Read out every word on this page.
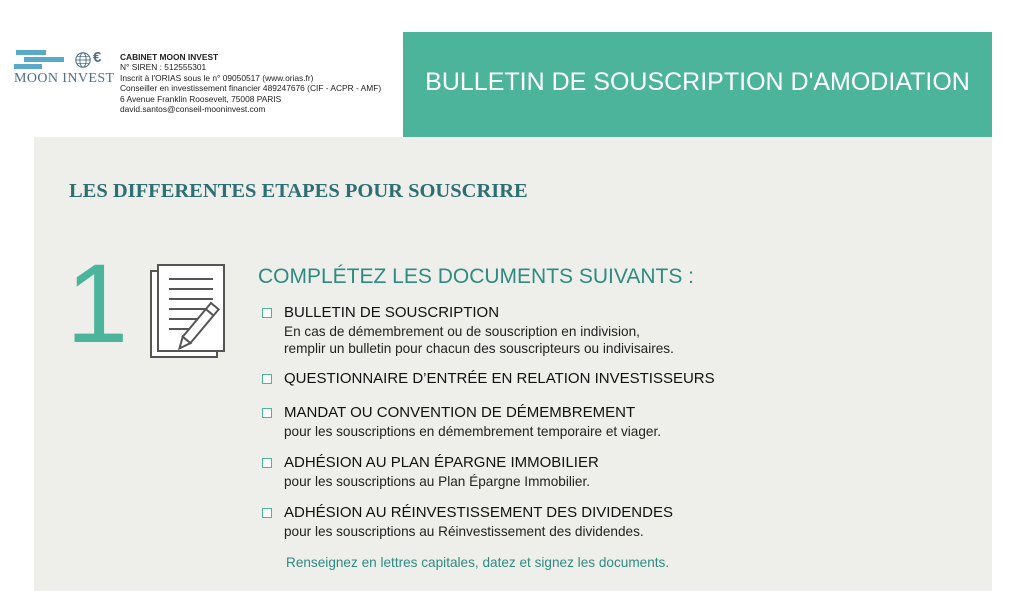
€
MOON INVEST
CABINET MOON INVEST
N° SIREN : 512555301
Inscrit à l'ORIAS sous le n° 09050517 (www.orias.fr)
Conseiller en investissement financier 489247676 (CIF - ACPR - AMF)
6 Avenue Franklin Roosevelt, 75008 PARIS
david.santos@conseil-mooninvest.com
BULLETIN DE SOUSCRIPTION D'AMODIATION
LES DIFFERENTES ETAPES POUR SOUSCRIRE
1	COMPLÉTEZ LES DOCUMENTS SUIVANTS :
BULLETIN DE SOUSCRIPTION
En cas de démembrement ou de souscription en indivision,
remplir un bulletin pour chacun des souscripteurs ou indivisaires.
QUESTIONNAIRE D’ENTRÉE EN RELATION INVESTISSEURS
MANDAT OU CONVENTION DE DÉMEMBREMENT
pour les souscriptions en démembrement temporaire et viager.
ADHÉSION AU PLAN ÉPARGNE IMMOBILIER
pour les souscriptions au Plan Épargne Immobilier.
ADHÉSION AU RÉINVESTISSEMENT DES DIVIDENDES
pour les souscriptions au Réinvestissement des dividendes.
Renseignez en lettres capitales, datez et signez les documents.
